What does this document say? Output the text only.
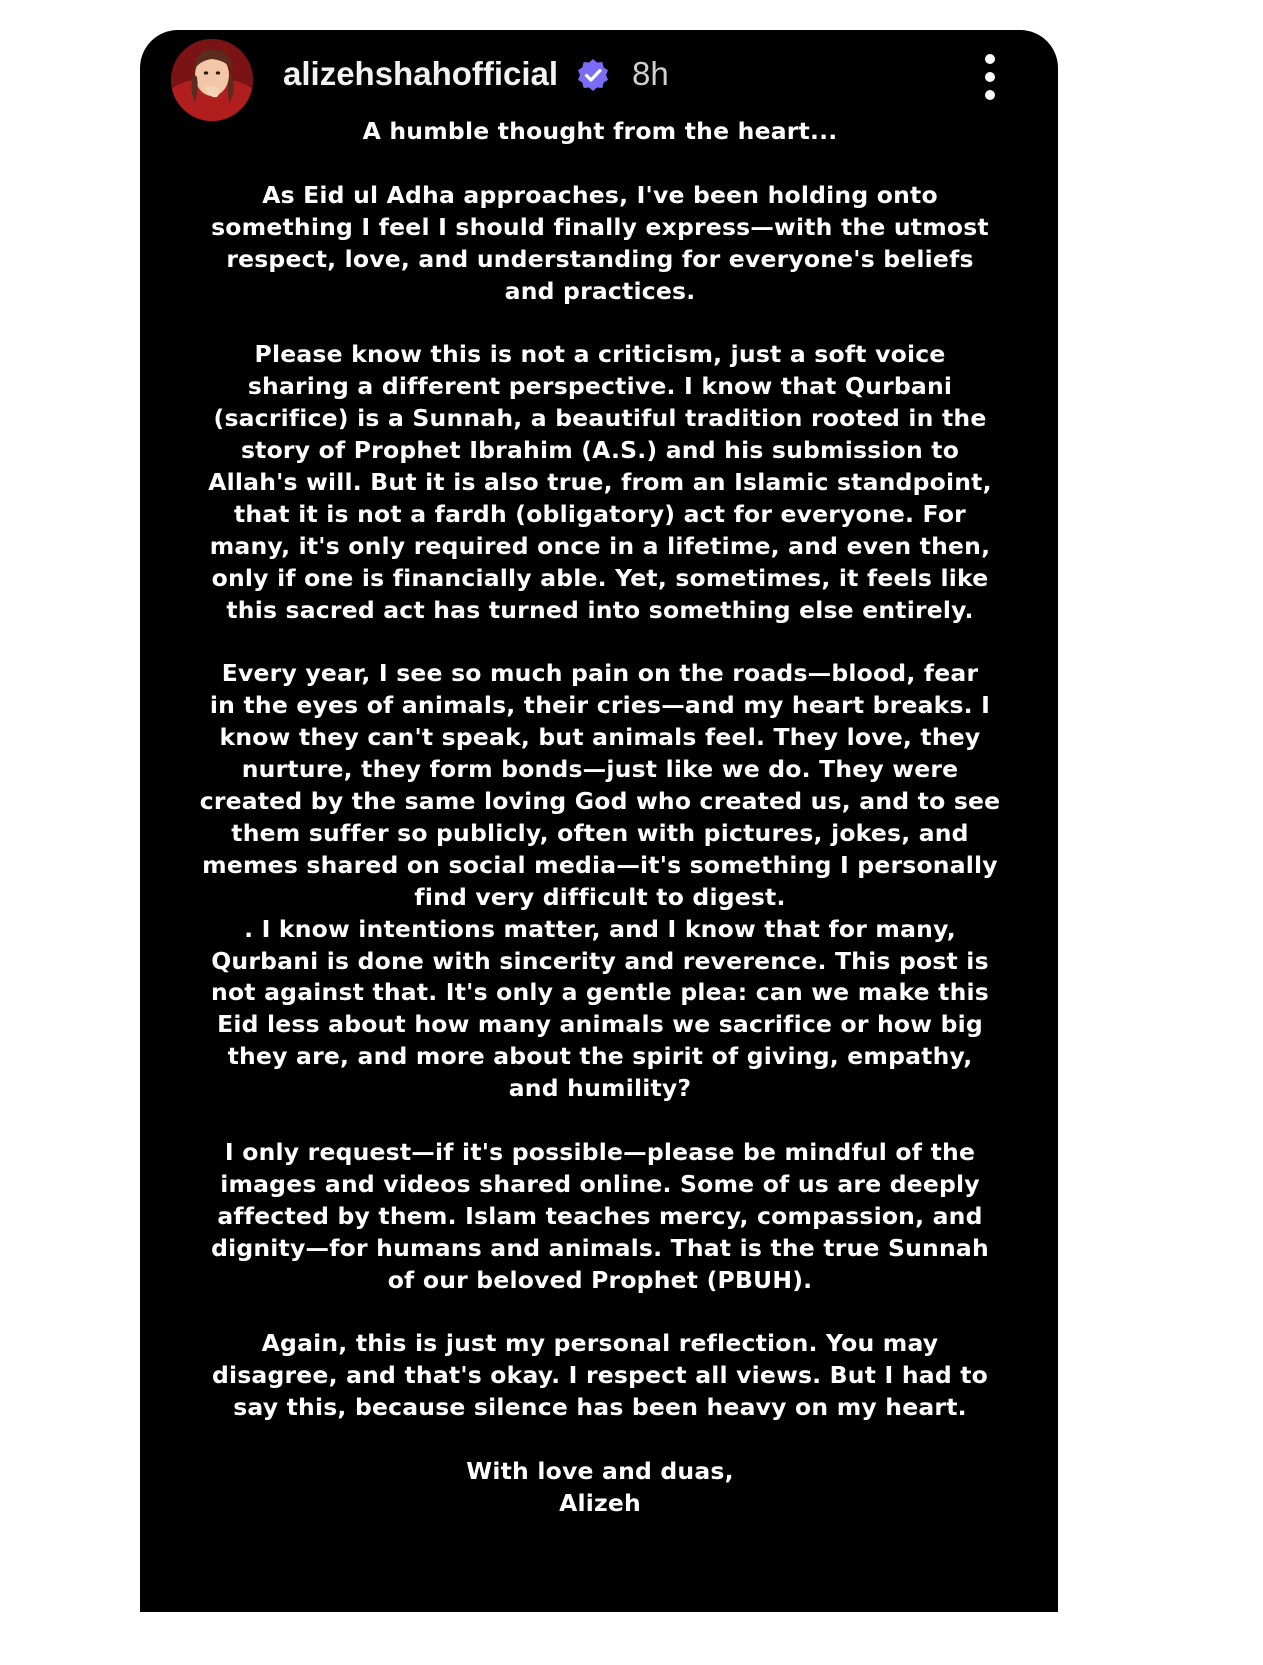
alizehshahofficial 8h

A humble thought from the heart...

As Eid ul Adha approaches, I've been holding onto
something I feel I should finally express—with the utmost
respect, love, and understanding for everyone's beliefs
and practices.

Please know this is not a criticism, just a soft voice
sharing a different perspective. I know that Qurbani
(sacrifice) is a Sunnah, a beautiful tradition rooted in the
story of Prophet Ibrahim (A.S.) and his submission to
Allah's will. But it is also true, from an Islamic standpoint,
that it is not a fardh (obligatory) act for everyone. For
many, it's only required once in a lifetime, and even then,
only if one is financially able. Yet, sometimes, it feels like
this sacred act has turned into something else entirely.

Every year, I see so much pain on the roads—blood, fear
in the eyes of animals, their cries—and my heart breaks. I
know they can't speak, but animals feel. They love, they
nurture, they form bonds—just like we do. They were
created by the same loving God who created us, and to see
them suffer so publicly, often with pictures, jokes, and
memes shared on social media—it's something I personally
find very difficult to digest.

. I know intentions matter, and I know that for many,
Qurbani is done with sincerity and reverence. This post is
not against that. It's only a gentle plea: can we make this
Eid less about how many animals we sacrifice or how big
they are, and more about the spirit of giving, empathy,
and humility?

I only request—if it's possible—please be mindful of the
images and videos shared online. Some of us are deeply
affected by them. Islam teaches mercy, compassion, and
dignity—for humans and animals. That is the true Sunnah
of our beloved Prophet (PBUH).

Again, this is just my personal reflection. You may
disagree, and that's okay. I respect all views. But I had to
say this, because silence has been heavy on my heart.

With love and duas,
Alizeh
